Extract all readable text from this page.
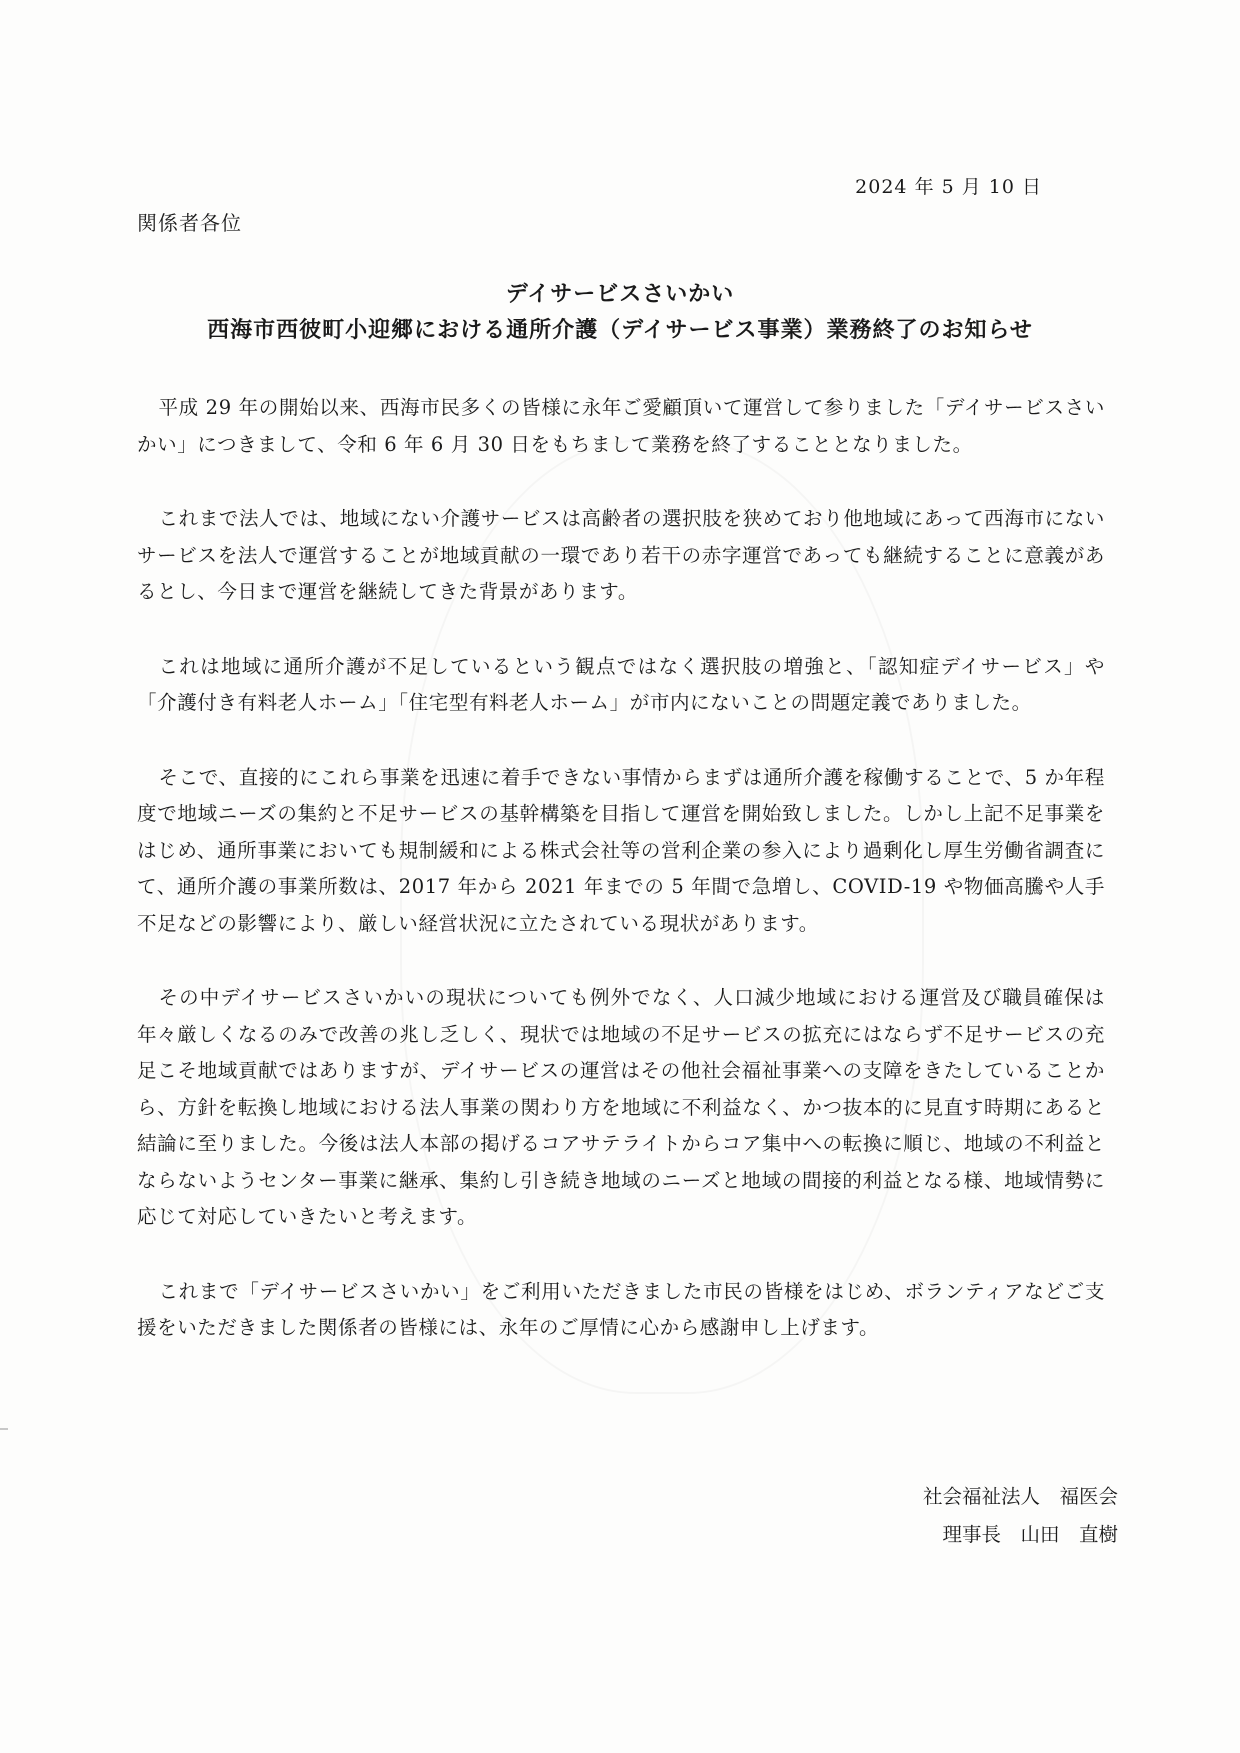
2024 年 5 月 10 日
関係者各位
デイサービスさいかい
西海市西彼町小迎郷における通所介護（デイサービス事業）業務終了のお知らせ

平成 29 年の開始以来、西海市民多くの皆様に永年ご愛顧頂いて運営して参りました「デイサービスさいかい」につきまして、令和 6 年 6 月 30 日をもちまして業務を終了することとなりました。

これまで法人では、地域にない介護サービスは高齢者の選択肢を狭めており他地域にあって西海市にないサービスを法人で運営することが地域貢献の一環であり若干の赤字運営であっても継続することに意義があるとし、今日まで運営を継続してきた背景があります。

これは地域に通所介護が不足しているという観点ではなく選択肢の増強と、「認知症デイサービス」や「介護付き有料老人ホーム」「住宅型有料老人ホーム」が市内にないことの問題定義でありました。

そこで、直接的にこれら事業を迅速に着手できない事情からまずは通所介護を稼働することで、5 か年程度で地域ニーズの集約と不足サービスの基幹構築を目指して運営を開始致しました。しかし上記不足事業をはじめ、通所事業においても規制緩和による株式会社等の営利企業の参入により過剰化し厚生労働省調査にて、通所介護の事業所数は、2017 年から 2021 年までの 5 年間で急増し、COVID-19 や物価高騰や人手不足などの影響により、厳しい経営状況に立たされている現状があります。

その中デイサービスさいかいの現状についても例外でなく、人口減少地域における運営及び職員確保は年々厳しくなるのみで改善の兆し乏しく、現状では地域の不足サービスの拡充にはならず不足サービスの充足こそ地域貢献ではありますが、デイサービスの運営はその他社会福祉事業への支障をきたしていることから、方針を転換し地域における法人事業の関わり方を地域に不利益なく、かつ抜本的に見直す時期にあると結論に至りました。今後は法人本部の掲げるコアサテライトからコア集中への転換に順じ、地域の不利益とならないようセンター事業に継承、集約し引き続き地域のニーズと地域の間接的利益となる様、地域情勢に応じて対応していきたいと考えます。

これまで「デイサービスさいかい」をご利用いただきました市民の皆様をはじめ、ボランティアなどご支援をいただきました関係者の皆様には、永年のご厚情に心から感謝申し上げます。

社会福祉法人　福医会
理事長　山田　直樹
